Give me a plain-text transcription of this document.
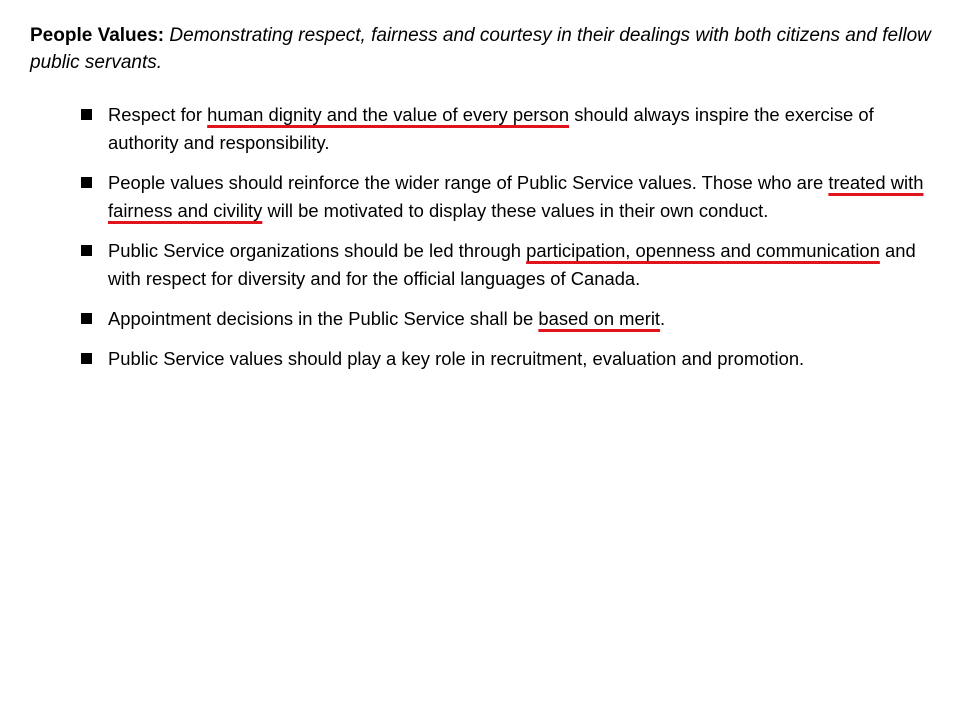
People Values: Demonstrating respect, fairness and courtesy in their dealings with both citizens and fellow public servants.

Respect for human dignity and the value of every person should always inspire the exercise of authority and responsibility.
People values should reinforce the wider range of Public Service values. Those who are treated with fairness and civility will be motivated to display these values in their own conduct.
Public Service organizations should be led through participation, openness and communication and with respect for diversity and for the official languages of Canada.
Appointment decisions in the Public Service shall be based on merit.
Public Service values should play a key role in recruitment, evaluation and promotion.
